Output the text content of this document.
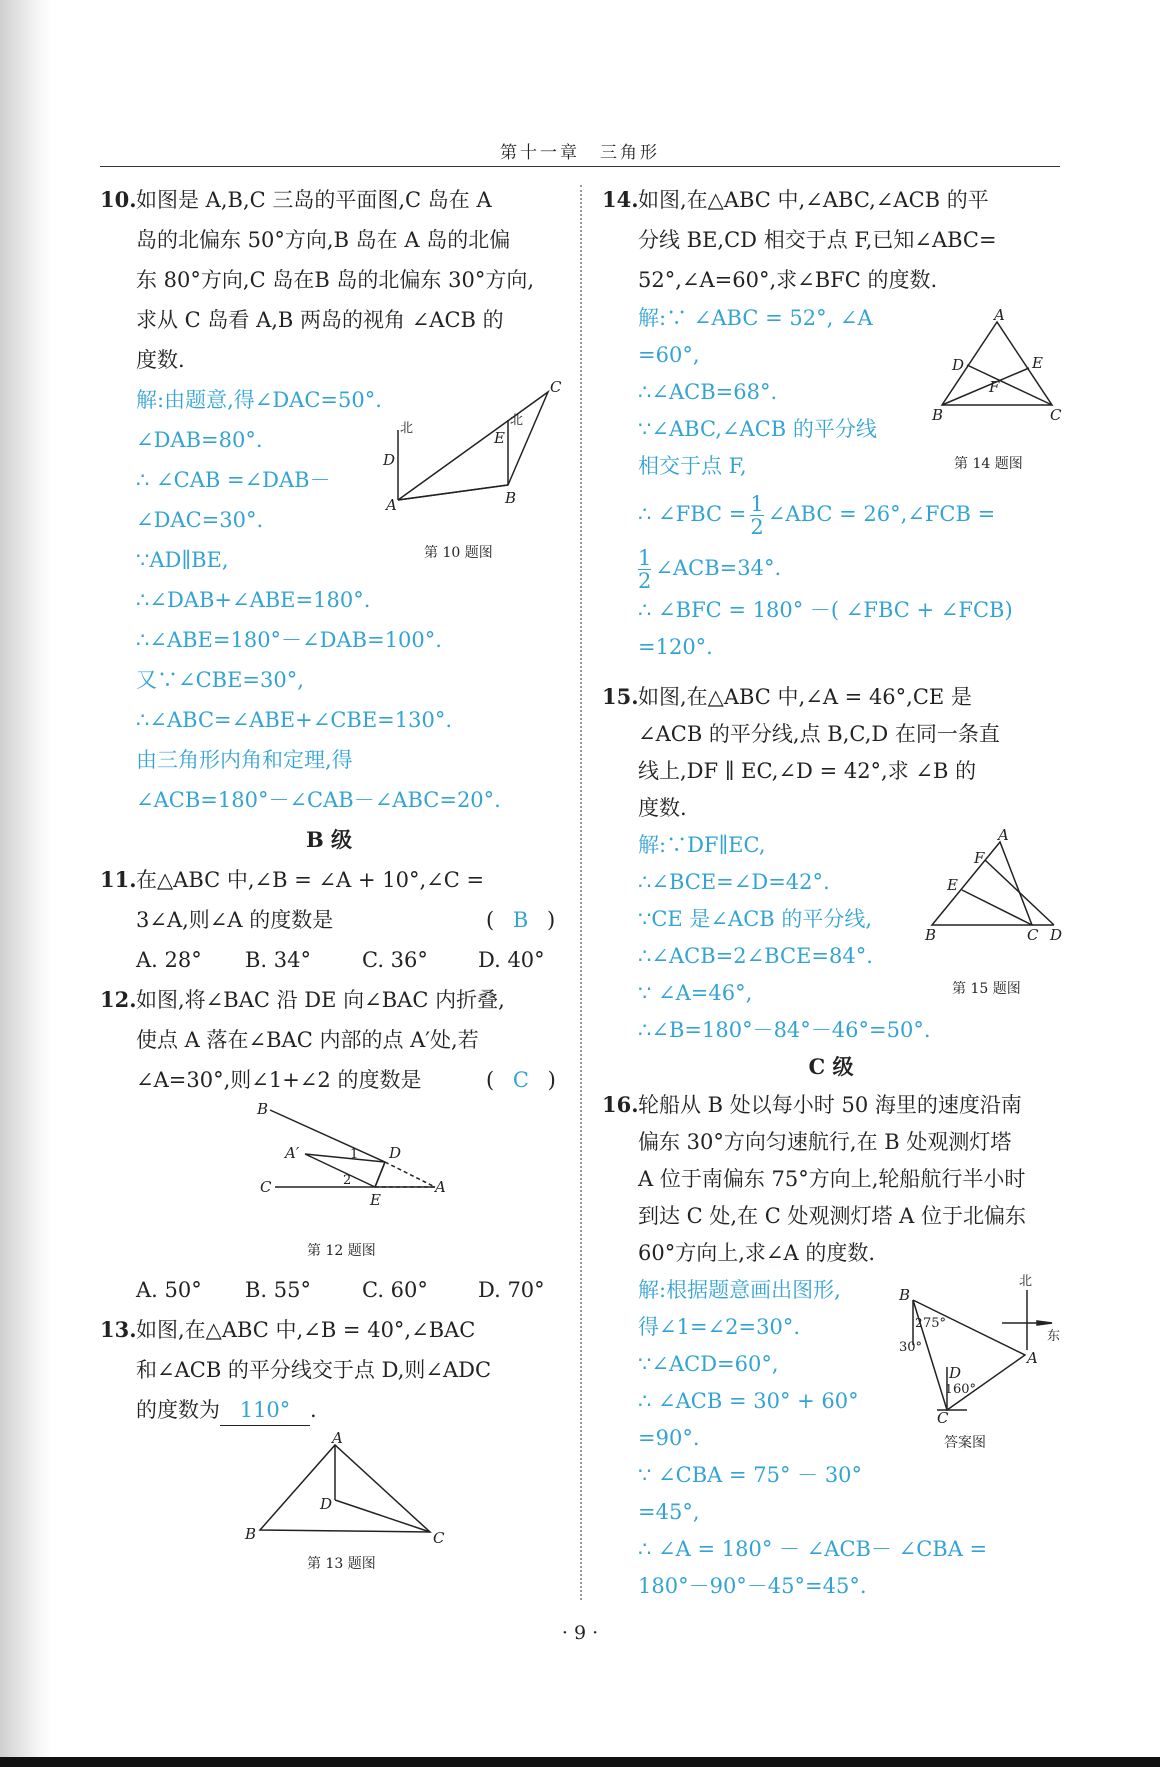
第十一章　三角形
10. 如图是 A,B,C 三岛的平面图,C 岛在 A
岛的北偏东 50°方向,B 岛在 A 岛的北偏
东 80°方向,C 岛在B 岛的北偏东 30°方向,
求从 C 岛看 A,B 两岛的视角 ∠ACB 的
度数.
解:由题意,得∠DAC=50°.
∠DAB=80°.
∴ ∠CAB =∠DAB－
∠DAC=30°.
∵AD∥BE,
∴∠DAB+∠ABE=180°.
∴∠ABE=180°－∠DAB=100°.
又∵∠CBE=30°,
∴∠ABC=∠ABE+∠CBE=130°.
由三角形内角和定理,得
∠ACB=180°－∠CAB－∠ABC=20°.
C
E
北
北
D
A	B
第 10 题图
B 级
11. 在△ABC 中,∠B = ∠A + 10°,∠C =
3∠A,则∠A 的度数是	( B )
A. 28° B. 34° C. 36° D. 40°
12. 如图,将∠BAC 沿 DE 向∠BAC 内折叠,
使点 A 落在∠BAC 内部的点 A′处,若
∠A=30°,则∠1+∠2 的度数是	( C )
B
A′	1 D
2
C
E
A
第 12 题图
A. 50° B. 55° C. 60° D. 70°
13. 如图,在△ABC 中,∠B = 40°,∠BAC
和∠ACB 的平分线交于点 D,则∠ADC
的度数为 110° .
A
D
B	C
第 13 题图
14. 如图,在△ABC 中,∠ABC,∠ACB 的平
分线 BE,CD 相交于点 F,已知∠ABC=
52°,∠A=60°,求∠BFC 的度数.
解:∵ ∠ABC = 52°, ∠A
=60°,
∴∠ACB=68°.
∵∠ABC,∠ACB 的平分线
相交于点 F,
∴ ∠FBC = $\frac{1}{2}$ ∠ABC = 26°,∠FCB =
$\frac{1}{2}$ ∠ACB=34°.
∴ ∠BFC = 180° －( ∠FBC + ∠FCB)
=120°.
A
D	E
F
B	C
第 14 题图
15. 如图,在△ABC 中,∠A = 46°,CE 是
∠ACB 的平分线,点 B,C,D 在同一条直
线上,DF ∥ EC,∠D = 42°,求 ∠B 的
度数.
解:∵DF∥EC,
∴∠BCE=∠D=42°.
∵CE 是∠ACB 的平分线,
∴∠ACB=2∠BCE=84°.
∵ ∠A=46°,
∴∠B=180°－84°－46°=50°.
A
F
E
B	C D
第 15 题图
C 级
16. 轮船从 B 处以每小时 50 海里的速度沿南
偏东 30°方向匀速航行,在 B 处观测灯塔
A 位于南偏东 75°方向上,轮船航行半小时
到达 C 处,在 C 处观测灯塔 A 位于北偏东
60°方向上,求∠A 的度数.
解:根据题意画出图形,
得∠1=∠2=30°.
∵∠ACD=60°,
∴ ∠ACB = 30° + 60°
=90°.
∵ ∠CBA = 75° － 30°
=45°,
∴ ∠A = 180° － ∠ACB－ ∠CBA =
180°－90°－45°=45°.
北
东
B
2 75°
30°
1
D
A
60°
C
答案图
· 9 ·
